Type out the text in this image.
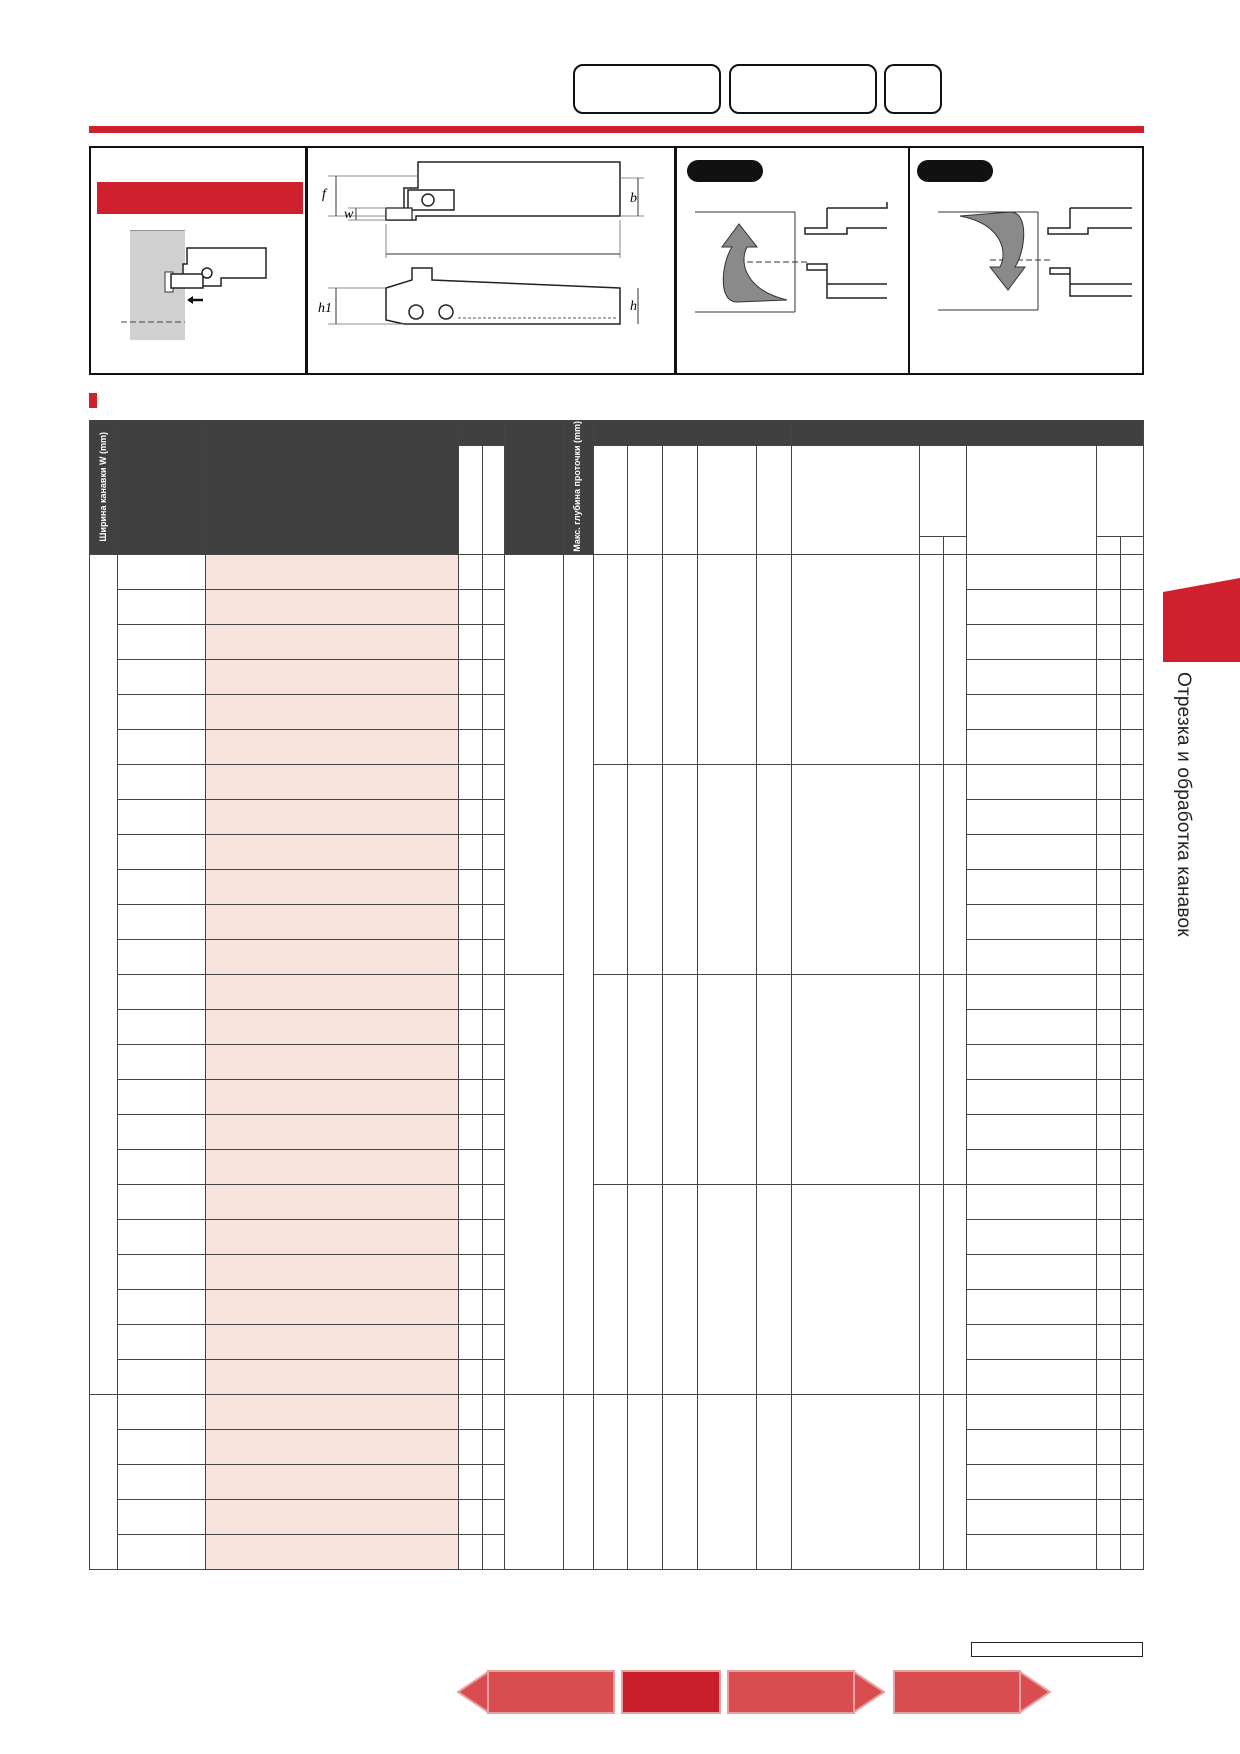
f
w
b
h1	h
Ширина канавки W (mm)						Макс. глубина проточки (mm)											

Отрезка и обработка канавок
